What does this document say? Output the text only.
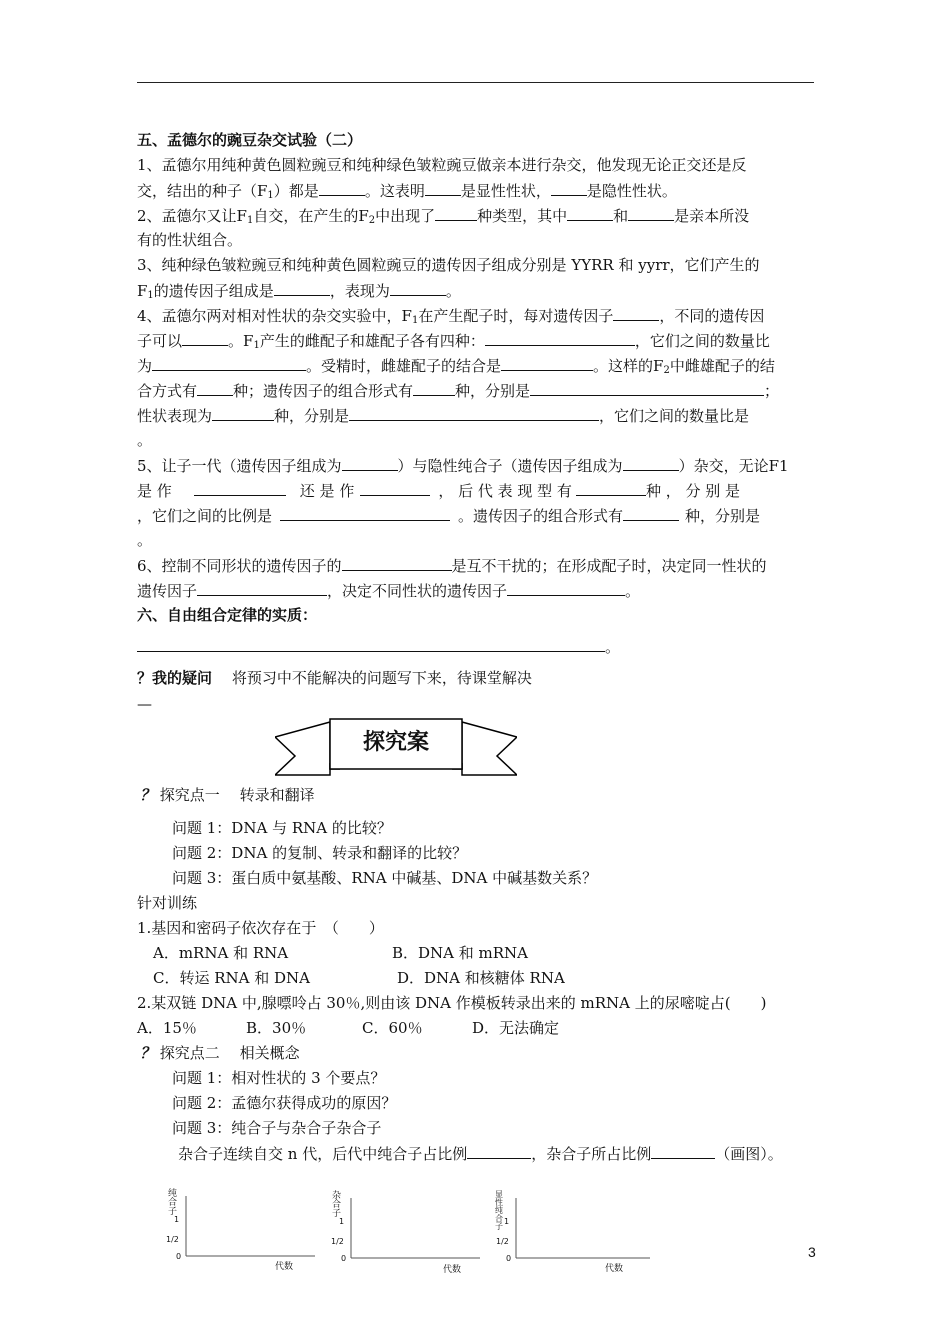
五、孟德尔的豌豆杂交试验（二）
1、孟德尔用纯种黄色圆粒豌豆和纯种绿色皱粒豌豆做亲本进行杂交，他发现无论正交还是反
交，结出的种子$(F_1)$都是	。这表明 是显性性状， 是隐性性状。
2、孟德尔又让$F_1$自交，在产生的$F_2$中出现了	种类型，其中	和	是亲本所没
有的性状组合。
3、纯种绿色皱粒豌豆和纯种黄色圆粒豌豆的遗传因子组成分别是 YYRR 和 yyrr，它们产生的
$F_1$的遗传因子组成是	，表现为	。
4、孟德尔两对相对性状的杂交实验中，$F_1$在产生配子时，每对遗传因子	，不同的遗传因
子可以	。$F_1$产生的雌配子和雄配子各有四种：	，它们之间的数量比
为	。受精时，雌雄配子的结合是	。这样的$F_2$中雌雄配子的结
合方式有 种；遗传因子的组合形式有	种，分别是	；
性状表现为	种，分别是	，它们之间的数量比是
。
5、让子一代（遗传因子组成为	）与隐性纯合子（遗传因子组成为	）杂交，无论F1
是 作	还 是 作	， 后 代 表 现 型 有	种 ， 分 别 是
，它们之间的比例是	。遗传因子的组合形式有	种，分别是
。
6、控制不同形状的遗传因子的	是互不干扰的；在形成配子时，决定同一性状的
遗传因子	，决定不同性状的遗传因子	。
六、自由组合定律的实质：
。
？我的疑问　 将预习中不能解决的问题写下来，待课堂解决
—
探究案
？ 探究点一　 转录和翻译
问题 1：DNA 与 RNA 的比较？
问题 2：DNA 的复制、转录和翻译的比较？
问题 3：蛋白质中氨基酸、RNA 中碱基、DNA 中碱基数关系？
针对训练
1.基因和密码子依次存在于　（　　）
A．mRNA 和 RNA	B．DNA 和 mRNA
C．转运 RNA 和 DNA	D．DNA 和核糖体 RNA
2.某双链 DNA 中,腺嘌呤占 30％,则由该 DNA 作模板转录出来的 mRNA 上的尿嘧啶占(　　)
A．15％	B．30％	C．60％	D．无法确定
？ 探究点二　 相关概念
问题 1：相对性状的 3 个要点？
问题 2：孟德尔获得成功的原因？
问题 3：纯合子与杂合子杂合子
杂合子连续自交 n 代，后代中纯合子占比例	，杂合子所占比例	（画图）。
纯合子
1
1/2
0
代数
杂合子
1
1/2
0
代数
显性纯合子
1
1/2
0
代数
3
